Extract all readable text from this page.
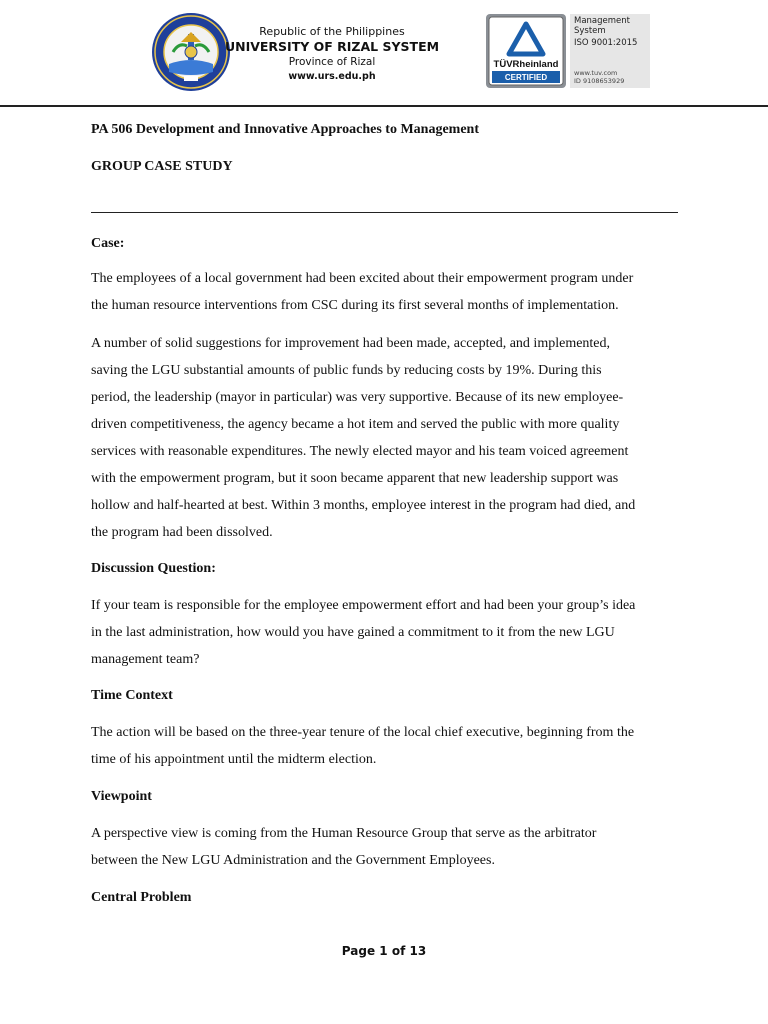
Republic of the Philippines
UNIVERSITY OF RIZAL SYSTEM
Province of Rizal
www.urs.edu.ph
TÜVRheinland
CERTIFIED
Management System
ISO 9001:2015
www.tuv.com
ID 9108653929
PA 506 Development and Innovative Approaches to Management
GROUP CASE STUDY
Case:

The employees of a local government had been excited about their empowerment program under
the human resource interventions from CSC during its first several months of implementation.

A number of solid suggestions for improvement had been made, accepted, and implemented,
saving the LGU substantial amounts of public funds by reducing costs by 19%. During this
period, the leadership (mayor in particular) was very supportive. Because of its new employee-
driven competitiveness, the agency became a hot item and served the public with more quality
services with reasonable expenditures. The newly elected mayor and his team voiced agreement
with the empowerment program, but it soon became apparent that new leadership support was
hollow and half-hearted at best. Within 3 months, employee interest in the program had died, and
the program had been dissolved.

Discussion Question:

If your team is responsible for the employee empowerment effort and had been your group’s idea
in the last administration, how would you have gained a commitment to it from the new LGU
management team?

Time Context

The action will be based on the three-year tenure of the local chief executive, beginning from the
time of his appointment until the midterm election.

Viewpoint

A perspective view is coming from the Human Resource Group that serve as the arbitrator
between the New LGU Administration and the Government Employees.

Central Problem
Page 1 of 13
